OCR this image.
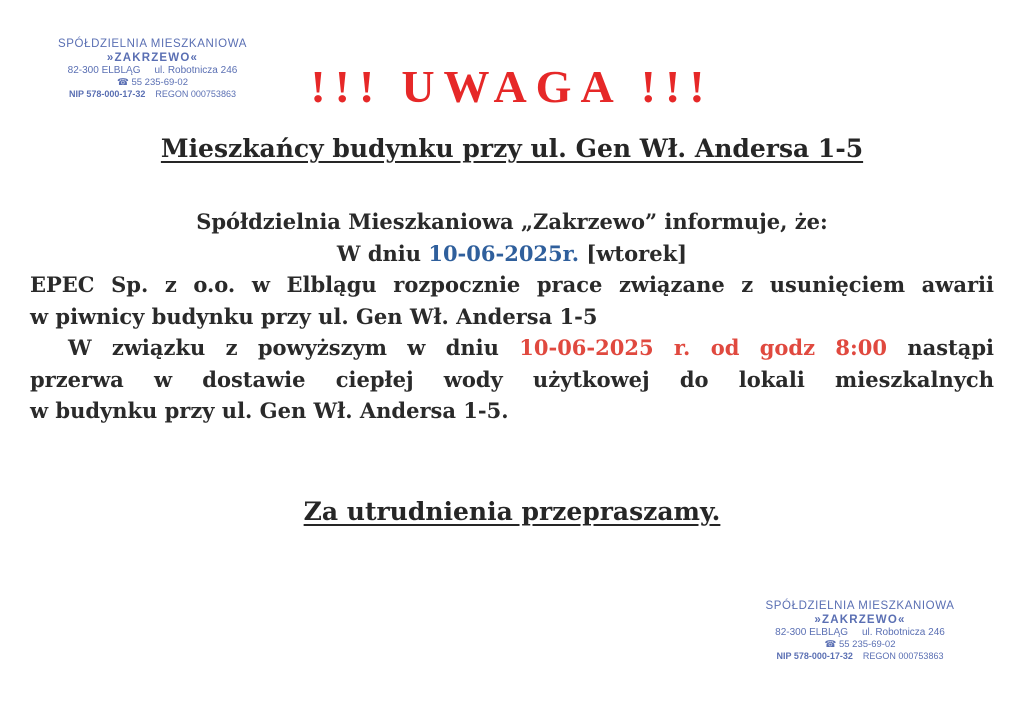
SPÓŁDZIELNIA MIESZKANIOWA
»ZAKRZEWO«
82-300 ELBLĄG ul. Robotnicza 246
☎ 55 235-69-02
NIP 578-000-17-32 REGON 000753863	!!! UWAGA !!!
Mieszkańcy budynku przy ul. Gen Wł. Andersa 1-5
Spółdzielnia Mieszkaniowa „Zakrzewo” informuje, że:
W dniu 10-06-2025r. [wtorek]
EPEC Sp. z o.o. w Elblągu rozpocznie prace związane z usunięciem awarii
w piwnicy budynku przy ul. Gen Wł. Andersa 1-5
W związku z powyższym w dniu 10-06-2025 r. od godz 8:00 nastąpi
przerwa w dostawie ciepłej wody użytkowej do lokali mieszkalnych
w budynku przy ul. Gen Wł. Andersa 1-5.
Za utrudnienia przepraszamy.
SPÓŁDZIELNIA MIESZKANIOWA
»ZAKRZEWO«
82-300 ELBLĄG ul. Robotnicza 246
☎ 55 235-69-02
NIP 578-000-17-32 REGON 000753863
